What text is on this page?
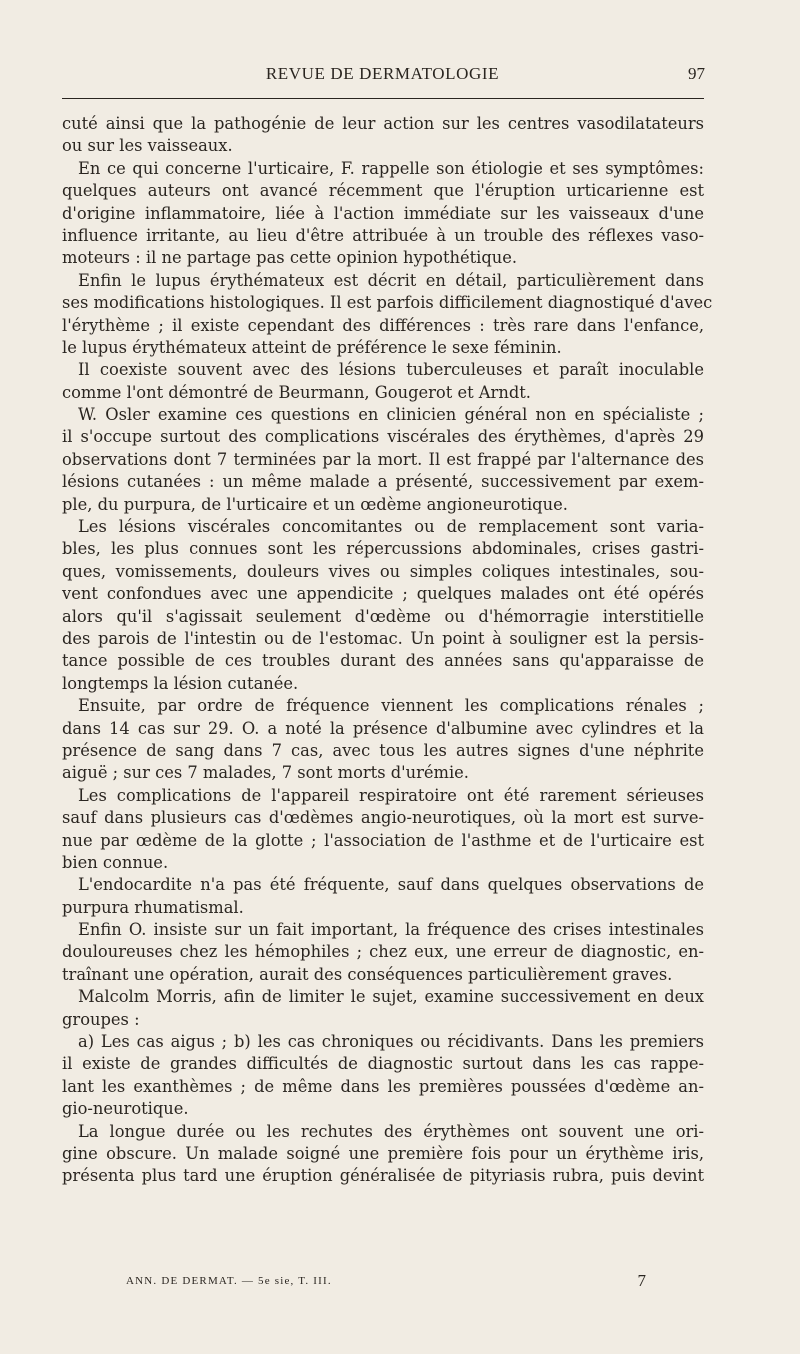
REVUE DE DERMATOLOGIE	97
cuté ainsi que la pathogénie de leur action sur les centres vasodilatateurs
ou sur les vaisseaux.
En ce qui concerne l'urticaire, F. rappelle son étiologie et ses symptômes:
quelques auteurs ont avancé récemment que l'éruption urticarienne est
d'origine inflammatoire, liée à l'action immédiate sur les vaisseaux d'une
influence irritante, au lieu d'être attribuée à un trouble des réflexes vaso-
moteurs : il ne partage pas cette opinion hypothétique.
Enfin le lupus érythémateux est décrit en détail, particulièrement dans
ses modifications histologiques. Il est parfois difficilement diagnostiqué d'avec
l'érythème ; il existe cependant des différences : très rare dans l'enfance,
le lupus érythémateux atteint de préférence le sexe féminin.
Il coexiste souvent avec des lésions tuberculeuses et paraît inoculable
comme l'ont démontré de Beurmann, Gougerot et Arndt.
W. Osler examine ces questions en clinicien général non en spécialiste ;
il s'occupe surtout des complications viscérales des érythèmes, d'après 29
observations dont 7 terminées par la mort. Il est frappé par l'alternance des
lésions cutanées : un même malade a présenté, successivement par exem-
ple, du purpura, de l'urticaire et un œdème angioneurotique.
Les lésions viscérales concomitantes ou de remplacement sont varia-
bles, les plus connues sont les répercussions abdominales, crises gastri-
ques, vomissements, douleurs vives ou simples coliques intestinales, sou-
vent confondues avec une appendicite ; quelques malades ont été opérés
alors qu'il s'agissait seulement d'œdème ou d'hémorragie interstitielle
des parois de l'intestin ou de l'estomac. Un point à souligner est la persis-
tance possible de ces troubles durant des années sans qu'apparaisse de
longtemps la lésion cutanée.
Ensuite, par ordre de fréquence viennent les complications rénales ;
dans 14 cas sur 29. O. a noté la présence d'albumine avec cylindres et la
présence de sang dans 7 cas, avec tous les autres signes d'une néphrite
aiguë ; sur ces 7 malades, 7 sont morts d'urémie.
Les complications de l'appareil respiratoire ont été rarement sérieuses
sauf dans plusieurs cas d'œdèmes angio-neurotiques, où la mort est surve-
nue par œdème de la glotte ; l'association de l'asthme et de l'urticaire est
bien connue.
L'endocardite n'a pas été fréquente, sauf dans quelques observations de
purpura rhumatismal.
Enfin O. insiste sur un fait important, la fréquence des crises intestinales
douloureuses chez les hémophiles ; chez eux, une erreur de diagnostic, en-
traînant une opération, aurait des conséquences particulièrement graves.
Malcolm Morris, afin de limiter le sujet, examine successivement en deux
groupes :
a) Les cas aigus ; b) les cas chroniques ou récidivants. Dans les premiers
il existe de grandes difficultés de diagnostic surtout dans les cas rappe-
lant les exanthèmes ; de même dans les premières poussées d'œdème an-
gio-neurotique.
La longue durée ou les rechutes des érythèmes ont souvent une ori-
gine obscure. Un malade soigné une première fois pour un érythème iris,
présenta plus tard une éruption généralisée de pityriasis rubra, puis devint
ANN. DE DERMAT. — 5e sie, T. III.	7
